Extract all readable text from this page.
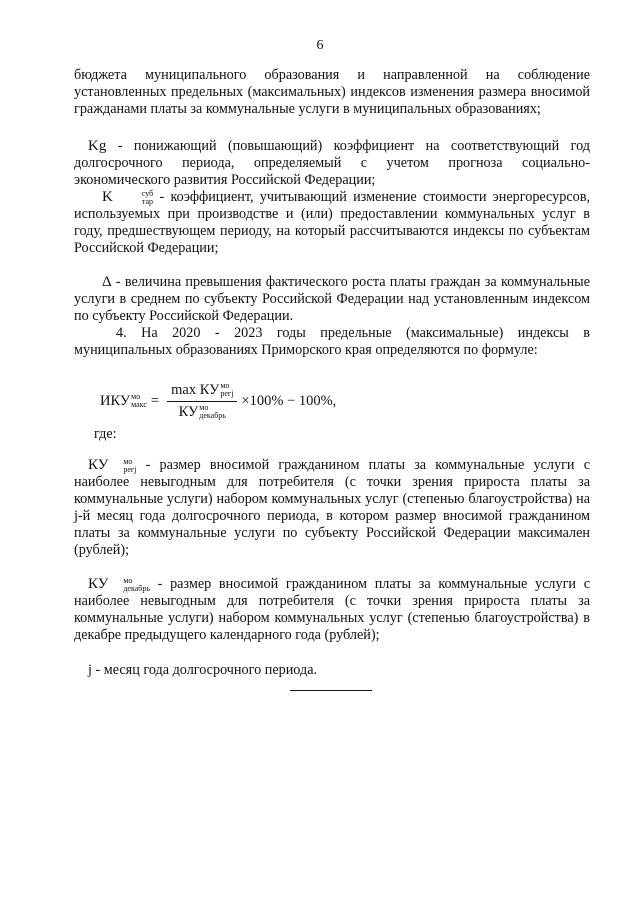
6

бюджета муниципального образования и направленной на соблюдение установленных предельных (максимальных) индексов изменения размера вносимой гражданами платы за коммунальные услуги в муниципальных образованиях;

Kg - понижающий (повышающий) коэффициент на соответствующий год долгосрочного периода, определяемый с учетом прогноза социально-экономического развития Российской Федерации;

K	суб
тар - коэффициент, учитывающий изменение стоимости энергоресурсов, используемых при производстве и (или) предоставлении коммунальных услуг в году, предшествующем периоду, на который рассчитываются индексы по субъектам Российской Федерации;

Δ - величина превышения фактического роста платы граждан за коммунальные услуги в среднем по субъекту Российской Федерации над установленным индексом по субъекту Российской Федерации.

4. На 2020 - 2023 годы предельные (максимальные) индексы в муниципальных образованиях Приморского края определяются по формуле:

ИКУ мо
макс = max КУ мо
регj
КУ мо
декабрь ×100% − 100%,

где:

КУ	мо
регj - размер вносимой гражданином платы за коммунальные услуги с наиболее невыгодным для потребителя (с точки зрения прироста платы за коммунальные услуги) набором коммунальных услуг (степенью благоустройства) на j-й месяц года долгосрочного периода, в котором размер вносимой гражданином платы за коммунальные услуги по субъекту Российской Федерации максимален (рублей);

КУ	мо
декабрь - размер вносимой гражданином платы за коммунальные услуги с наиболее невыгодным для потребителя (с точки зрения прироста платы за коммунальные услуги) набором коммунальных услуг (степенью благоустройства) в декабре предыдущего календарного года (рублей);

j - месяц года долгосрочного периода.
